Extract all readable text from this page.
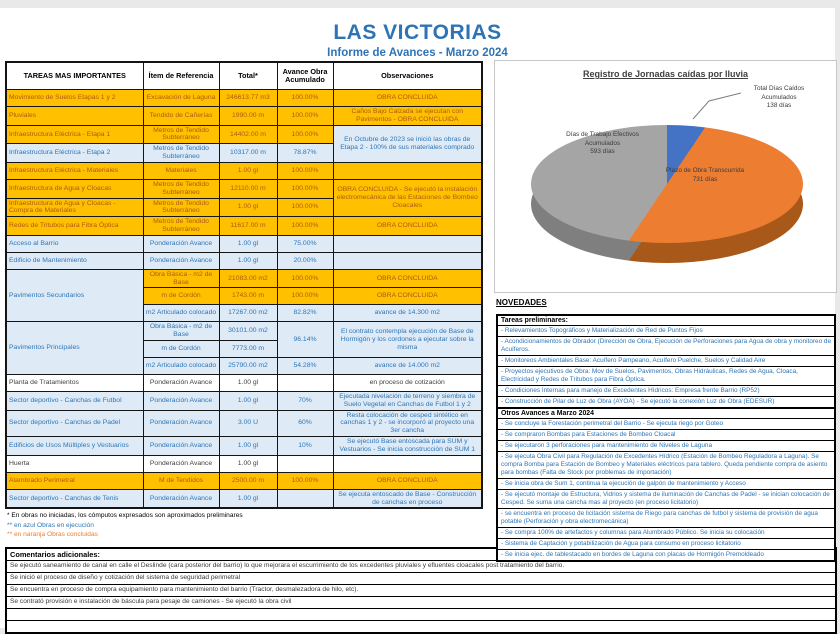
LAS VICTORIAS
Informe de Avances - Marzo 2024
TAREAS MAS IMPORTANTES	Ítem de Referencia	Total*	Avance Obra Acumulado	Observaciones
Movimiento de Suelos Etapas 1 y 2	Excavación de Laguna	246613.77 m3	100.00%	OBRA CONCLUIDA
Pluviales	Tendido de Cañerías	1990.00 m	100.00%	Caños Bajo Calzada se ejecutan con Pavimentos - OBRA CONCLUIDA
Infraestructura Eléctrica - Etapa 1	Metros de Tendido Subterráneo	14402.00 m	100.00%	En Octubre de 2023 se inició las obras de Etapa 2 - 100% de sus materiales comprado
Infraestructura Eléctrica - Etapa 2	Metros de Tendido Subterráneo	10317.00 m	78.87%	
Infraestructura Eléctrica - Materiales	Materiales	1.00 gl	100.00%	
Infraestructura de Agua y Cloacas	Metros de Tendido Subterráneo	12110.00 m	100.00%	OBRA CONCLUIDA - Se ejecutó la instalación electromecánica de las Estaciones de Bombeo Cloacales
Infraestructura de Agua y Cloacas - Compra de Materiales	Metros de Tendido Subterráneo	1.00 gl	100.00%	
Redes de Tritubos para Fibra Óptica	Metros de Tendido Subterráneo	11617.00 m	100.00%	OBRA CONCLUIDA
Acceso al Barrio	Ponderación Avance	1.00 gl	75.00%	
Edificio de Mantenimiento	Ponderación Avance	1.00 gl	20.00%	
Pavimentos Secundarios	Obra Básica - m2 de Base	21083.00 m2	100.00%	OBRA CONCLUIDA
	m de Cordón	1743.00 m	100.00%	OBRA CONCLUIDA
	m2 Articulado colocado	17267.00 m2	82.82%	avance de 14.300 m2
Pavimentos Principales	Obra Básica - m2 de Base	30101.00 m2	96.14%	El contrato contempla ejecución de Base de Hormigón y los cordones a ejecutar sobre la misma
	m de Cordón	7773.00 m		
	m2 Articulado colocado	25790.00 m2	54.28%	avance de 14.000 m2
Planta de Tratamientos	Ponderación Avance	1.00 gl		en proceso de cotización
Sector deportivo - Canchas de Futbol	Ponderación Avance	1.00 gl	70%	Ejecutada nivelación de terreno y siembra de Suelo Vegetal en Canchas de Futbol 1 y 2
Sector deportivo - Canchas de Padel	Ponderación Avance	3.00 U	60%	Resta colocación de cesped sintético en canchas 1 y 2 - se incorporó al proyecto una 3er cancha
Edificios de Usos Múltiples y Vestuarios	Ponderación Avance	1.00 gl	10%	Se ejecutó Base entoscada para SUM y Vestuarios - Se inicia construcción de SUM 1
Huerta	Ponderación Avance	1.00 gl		
Alambrado Perimetral	M de Tendidos	2500.00 m	100.00%	OBRA CONCLUIDA
Sector deportivo - Canchas de Tenis	Ponderación Avance	1.00 gl		Se ejecuta entoscado de Base - Construcción de canchas en proceso
* En obras no iniciadas, los cómputos expresados son aproximados preliminares
** en azul Obras en ejecución
** en naranja Obras concluidas
Comentarios adicionales:
Se ejecutó saneamiento de canal en calle el Deslinde (cara posterior del barrio) lo que mejorara el escurrimiento de los excedentes pluviales y efluentes cloacales post tratamiento del barrio.
Se inició el proceso de diseño y cotización del sistema de seguridad perimetral
Se encuentra en proceso de compra equipamiento para mantenimiento del barrio (Tractor, desmalezadora de hilo, etc).
Se contrató provisión e instalación de báscula para pesaje de camiones - Se ejecutó la obra civil
Registro de Jornadas caídas por lluvia
Días de Trabajo Efectivos Acumulados
593 días
Plazo de Obra Transcurrida
731 días
Total Días Caídos Acumulados
138 días
NOVEDADES
Tareas preliminares:
- Relevamientos Topográficos y Materialización de Red de Puntos Fijos
- Acondicionamientos de Obrador (Dirección de Obra, Ejecución de Perforaciones para Agua de obra y monitoreo de Acuíferos.
- Monitoreos Ambientales Base: Acuífero Pampeano, Acuífero Puelche, Suelos y Calidad Aire
- Proyectos ejecutivos de Obra: Mov de Suelos, Pavimentos, Obras Hidráulicas, Redes de Agua, Cloaca, Electricidad y Redes de Tritubos para Fibra Óptica.
- Condiciones Internas para manejo de Excedentes Hídricos: Empresa frente Barrio (RP52)
- Construcción de Pilar de Luz de Obra (AYOA) - Se ejecutó la conexión Luz de Obra (EDESUR)
Otros Avances a Marzo 2024
- Se concluye la Forestación perimetral del Barrio - Se ejecuta riego por Goteo
- Se compraron Bombas para Estaciones de Bombeo Cloacal
- Se ejecutaron 3 perforaciones para mantenimiento de Niveles de Laguna
- Se ejecuta Obra Civil para Regulación de Excedentes Hídrico (Estación de Bombeo Reguladora a Laguna). Se compra Bomba para Estación de Bombeo y Materiales eléctricos para tablero. Queda pendiente compra de asiento para bombas (Falta de Stock por problemas de importación)
- Se inicia obra de Sum 1, continua la ejecución de galpón de mantenimiento y Acceso
- Se ejecutó montaje de Estructura, Vidrios y sistema de iluminación de Canchas de Padel - se inician colocación de Cesped. Se suma una cancha mas al proyecto (en proceso licitatorio)
- se encuentra en proceso de licitación sistema de Riego para canchas de futbol y sistema de provisión de agua potable (Perforación y obra electromecánica)
- Se compra 100% de artefactos y columnas para Alumbrado Público. Se inicia su colocación
- Sistema de Captación y potabilización de Agua para consumo en proceso licitatorio
- Se inicia ejec. de tablestacado en bordes de Laguna con placas de Hormigón Premoldeado
